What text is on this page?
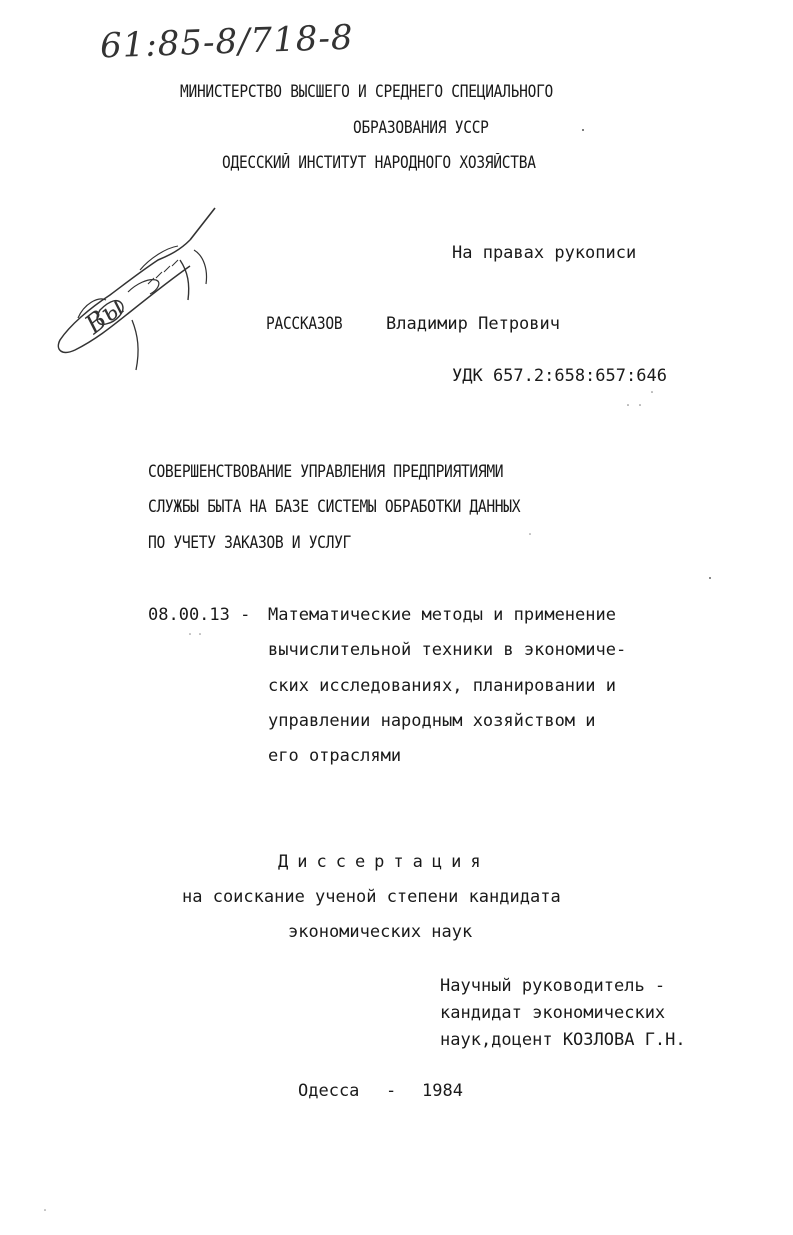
61:85-8/718-8
МИНИСТЕРСТВО ВЫСШЕГО И СРЕДНЕГО СПЕЦИАЛЬНОГО
ОБРАЗОВАНИЯ УССР
ОДЕССКИЙ ИНСТИТУТ НАРОДНОГО ХОЗЯЙСТВА
Вы
На правах рукописи
РАССКАЗОВ	Владимир Петрович
УДК 657.2:658:657:646
СОВЕРШЕНСТВОВАНИЕ УПРАВЛЕНИЯ ПРЕДПРИЯТИЯМИ
СЛУЖБЫ БЫТА НА БАЗЕ СИСТЕМЫ ОБРАБОТКИ ДАННЫХ
ПО УЧЕТУ ЗАКАЗОВ И УСЛУГ
08.00.13 - Математические методы и применение
вычислительной техники в экономиче-
ских исследованиях, планировании и
управлении народным хозяйством и
его отраслями
Диссертация
на соискание ученой степени кандидата
экономических наук
Научный руководитель -
кандидат экономических
наук,доцент КОЗЛОВА Г.Н.
Одесса - 1984
